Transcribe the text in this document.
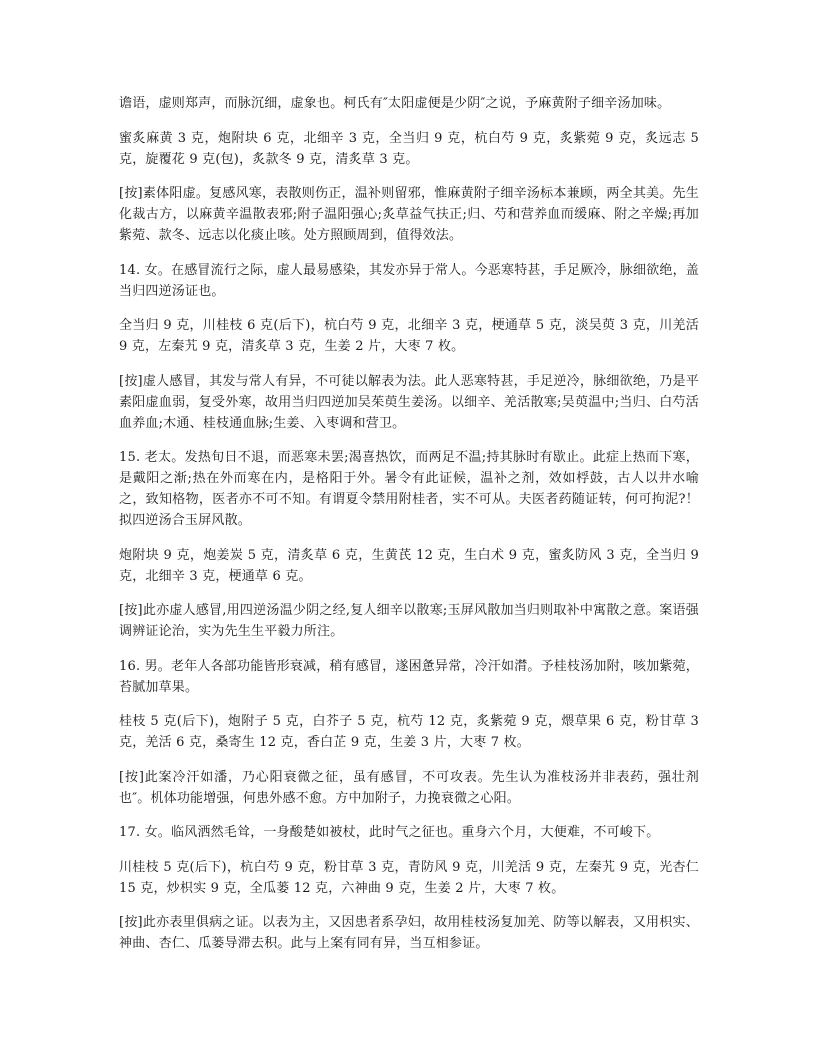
谵语，虚则郑声，而脉沉细，虚象也。柯氏有″太阳虚便是少阴″之说，予麻黄附子细辛汤加味。

蜜炙麻黄 3 克，炮附块 6 克，北细辛 3 克，全当归 9 克，杭白芍 9 克，炙紫菀 9 克，炙远志 5 克，旋覆花 9 克(包)，炙款冬 9 克，清炙草 3 克。

[按]素体阳虚。复感风寒，表散则伤正，温补则留邪，惟麻黄附子细辛汤标本兼顾，两全其美。先生化裁古方，以麻黄辛温散表邪;附子温阳强心;炙草益气扶正;归、芍和营养血而缓麻、附之辛燥;再加紫菀、款冬、远志以化痰止咳。处方照顾周到，值得效法。

14. 女。在感冒流行之际，虚人最易感染，其发亦异于常人。今恶寒特甚，手足厥冷，脉细欲绝，盖当归四逆汤证也。

全当归 9 克，川桂枝 6 克(后下)，杭白芍 9 克，北细辛 3 克，梗通草 5 克，淡吴萸 3 克，川羌活 9 克，左秦艽 9 克，清炙草 3 克，生姜 2 片，大枣 7 枚。

[按]虚人感冒，其发与常人有异，不可徒以解表为法。此人恶寒特甚，手足逆冷，脉细欲绝，乃是平素阳虚血弱，复受外寒，故用当归四逆加吴茱萸生姜汤。以细辛、羌活散寒;吴萸温中;当归、白芍活血养血;木通、桂枝通血脉;生姜、入枣调和营卫。

15. 老太。发热旬日不退，而恶寒未罢;渴喜热饮，而两足不温;持其脉时有歇止。此症上热而下寒，是戴阳之渐;热在外而寒在内，是格阳于外。暑令有此证候，温补之剂，效如桴鼓，古人以井水喻之，致知格物，医者亦不可不知。有谓夏令禁用附桂者，实不可从。夫医者药随证转，何可拘泥?！拟四逆汤合玉屏风散。

炮附块 9 克，炮姜炭 5 克，清炙草 6 克，生黄芪 12 克，生白术 9 克，蜜炙防风 3 克，全当归 9 克，北细辛 3 克，梗通草 6 克。

[按]此亦虚人感冒,用四逆汤温少阴之经,复人细辛以散寒;玉屏风散加当归则取补中寓散之意。案语强调辨证论治，实为先生生平毅力所注。

16. 男。老年人各部功能皆形衰减，稍有感冒，遂困惫异常，冷汗如潸。予桂枝汤加附，咳加紫菀，苔腻加草果。

桂枝 5 克(后下)，炮附子 5 克，白芥子 5 克，杭芍 12 克，炙紫菀 9 克，煨草果 6 克，粉甘草 3 克，羌活 6 克，桑寄生 12 克，香白芷 9 克，生姜 3 片，大枣 7 枚。

[按]此案冷汗如潘，乃心阳衰微之征，虽有感冒，不可攻表。先生认为准枝汤并非表药，强壮剂也″。机体功能增强，何患外感不愈。方中加附子，力挽衰微之心阳。

17. 女。临风洒然毛耸，一身酸楚如被杖，此时气之征也。重身六个月，大便难，不可峻下。

川桂枝 5 克(后下)，杭白芍 9 克，粉甘草 3 克，青防风 9 克，川羌活 9 克，左秦艽 9 克，光杏仁 15 克，炒枳实 9 克，全瓜蒌 12 克，六神曲 9 克，生姜 2 片，大枣 7 枚。

[按]此亦表里俱病之证。以表为主，又因患者系孕妇，故用桂枝汤复加羌、防等以解表，又用枳实、神曲、杏仁、瓜蒌导滞去积。此与上案有同有异，当互相参证。
